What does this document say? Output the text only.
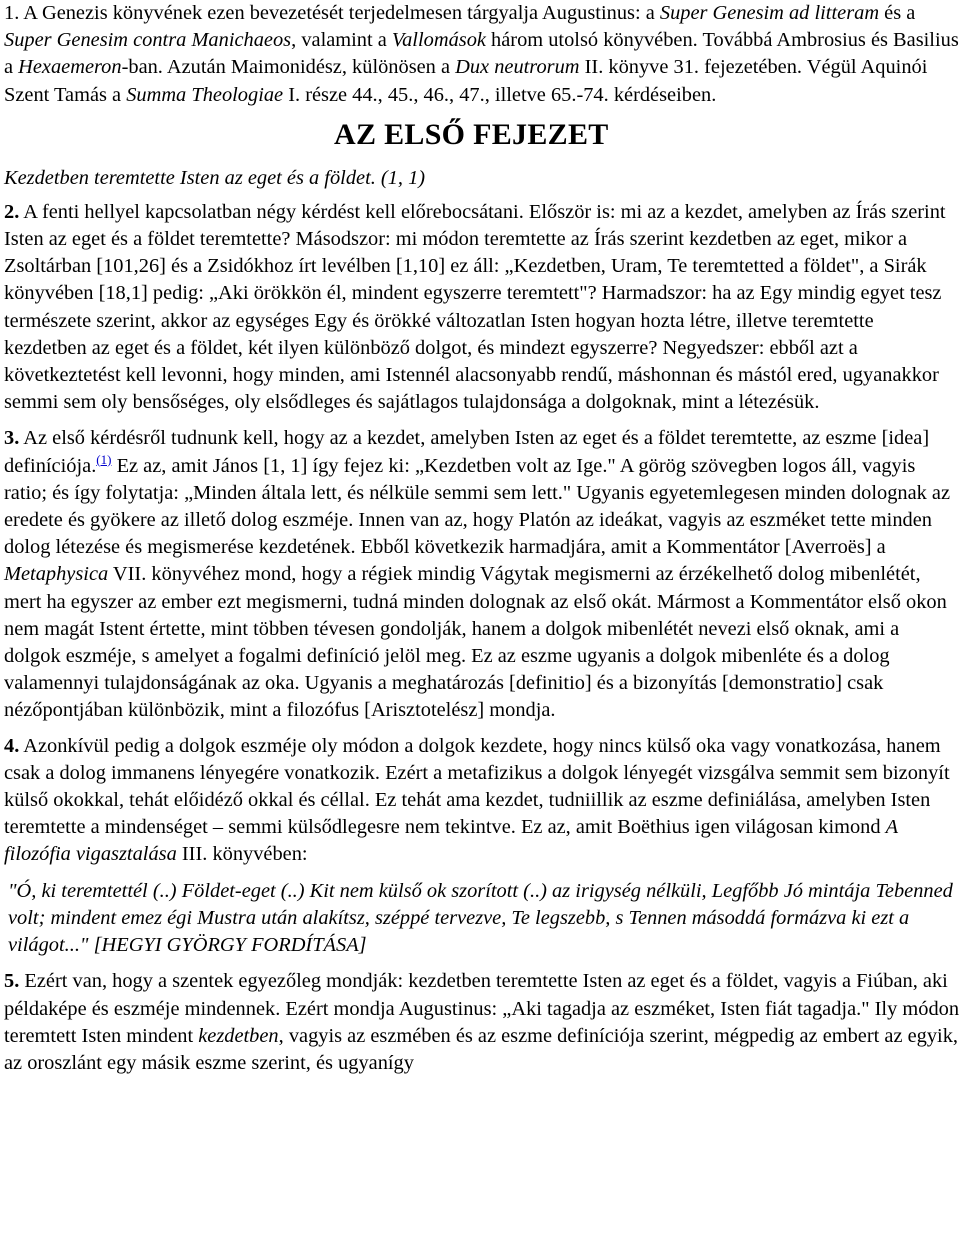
1. A Genezis könyvének ezen bevezetését terjedelmesen tárgyalja Augustinus: a Super Genesim ad litteram és a Super Genesim contra Manichaeos, valamint a Vallomások három utolsó könyvében. Továbbá Ambrosius és Basilius a Hexaemeron-ban. Azután Maimonidész, különösen a Dux neutrorum II. könyve 31. fejezetében. Végül Aquinói Szent Tamás a Summa Theologiae I. része 44., 45., 46., 47., illetve 65.-74. kérdéseiben.

AZ ELSŐ FEJEZET
Kezdetben teremtette Isten az eget és a földet. (1, 1)

2. A fenti hellyel kapcsolatban négy kérdést kell előrebocsátani. Először is: mi az a kezdet, amelyben az Írás szerint Isten az eget és a földet teremtette? Másodszor: mi módon teremtette az Írás szerint kezdetben az eget, mikor a Zsoltárban [101,26] és a Zsidókhoz írt levélben [1,10] ez áll: „Kezdetben, Uram, Te teremtetted a földet", a Sirák könyvében [18,1] pedig: „Aki örökkön él, mindent egyszerre teremtett"? Harmadszor: ha az Egy mindig egyet tesz természete szerint, akkor az egységes Egy és örökké változatlan Isten hogyan hozta létre, illetve teremtette kezdetben az eget és a földet, két ilyen különböző dolgot, és mindezt egyszerre? Negyedszer: ebből azt a következtetést kell levonni, hogy minden, ami Istennél alacsonyabb rendű, máshonnan és mástól ered, ugyanakkor semmi sem oly bensőséges, oly elsődleges és sajátlagos tulajdonsága a dolgoknak, mint a létezésük.

3. Az első kérdésről tudnunk kell, hogy az a kezdet, amelyben Isten az eget és a földet teremtette, az eszme [idea] definíciója.$^{(1)}$ Ez az, amit János [1, 1] így fejez ki: „Kezdetben volt az Ige." A görög szövegben logos áll, vagyis ratio; és így folytatja: „Minden általa lett, és nélküle semmi sem lett." Ugyanis egyetemlegesen minden dolognak az eredete és gyökere az illető dolog eszméje. Innen van az, hogy Platón az ideákat, vagyis az eszméket tette minden dolog létezése és megismerése kezdetének. Ebből következik harmadjára, amit a Kommentátor [Averroës] a Metaphysica VII. könyvéhez mond, hogy a régiek mindig Vágytak megismerni az érzékelhető dolog mibenlétét, mert ha egyszer az ember ezt megismerni, tudná minden dolognak az első okát. Mármost a Kommentátor első okon nem magát Istent értette, mint többen tévesen gondolják, hanem a dolgok mibenlétét nevezi első oknak, ami a dolgok eszméje, s amelyet a fogalmi definíció jelöl meg. Ez az eszme ugyanis a dolgok mibenléte és a dolog valamennyi tulajdonságának az oka. Ugyanis a meghatározás [definitio] és a bizonyítás [demonstratio] csak nézőpontjában különbözik, mint a filozófus [Arisztotelész] mondja.

4. Azonkívül pedig a dolgok eszméje oly módon a dolgok kezdete, hogy nincs külső oka vagy vonatkozása, hanem csak a dolog immanens lényegére vonatkozik. Ezért a metafizikus a dolgok lényegét vizsgálva semmit sem bizonyít külső okokkal, tehát előidéző okkal és céllal. Ez tehát ama kezdet, tudniillik az eszme definiálása, amelyben Isten teremtette a mindenséget – semmi külsődlegesre nem tekintve. Ez az, amit Boëthius igen világosan kimond A filozófia vigasztalása III. könyvében:

"Ó, ki teremtettél (..) Földet-eget (..) Kit nem külső ok szorított (..) az irigység nélküli, Legfőbb Jó mintája Tebenned volt; mindent emez égi Mustra után alakítsz, széppé tervezve, Te legszebb, s Tennen másoddá formázva ki ezt a világot..." [HEGYI GYÖRGY FORDÍTÁSA]

5. Ezért van, hogy a szentek egyezőleg mondják: kezdetben teremtette Isten az eget és a földet, vagyis a Fiúban, aki példaképe és eszméje mindennek. Ezért mondja Augustinus: „Aki tagadja az eszméket, Isten fiát tagadja." Ily módon teremtett Isten mindent kezdetben, vagyis az eszmében és az eszme definíciója szerint, mégpedig az embert az egyik, az oroszlánt egy másik eszme szerint, és ugyanígy
